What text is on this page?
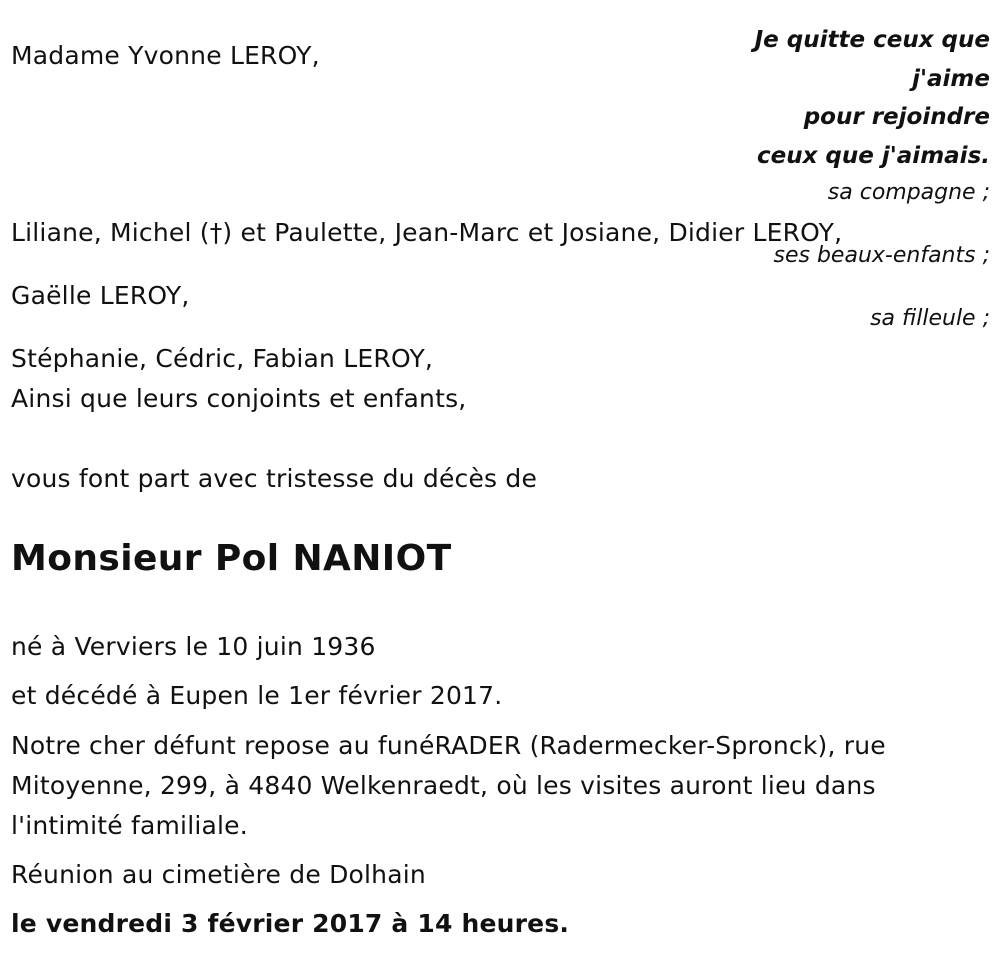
Je quitte ceux que
j'aime
pour rejoindre
ceux que j'aimais.
Madame Yvonne LEROY,
sa compagne ;
Liliane, Michel (†) et Paulette, Jean-Marc et Josiane, Didier LEROY,
ses beaux-enfants ;
Gaëlle LEROY,
sa filleule ;
Stéphanie, Cédric, Fabian LEROY,
Ainsi que leurs conjoints et enfants,
vous font part avec tristesse du décès de
Monsieur Pol NANIOT
né à Verviers le 10 juin 1936
et décédé à Eupen le 1er février 2017.
Notre cher défunt repose au funéRADER (Radermecker-Spronck), rue Mitoyenne, 299, à 4840 Welkenraedt, où les visites auront lieu dans l'intimité familiale.
Réunion au cimetière de Dolhain
le vendredi 3 février 2017 à 14 heures.
